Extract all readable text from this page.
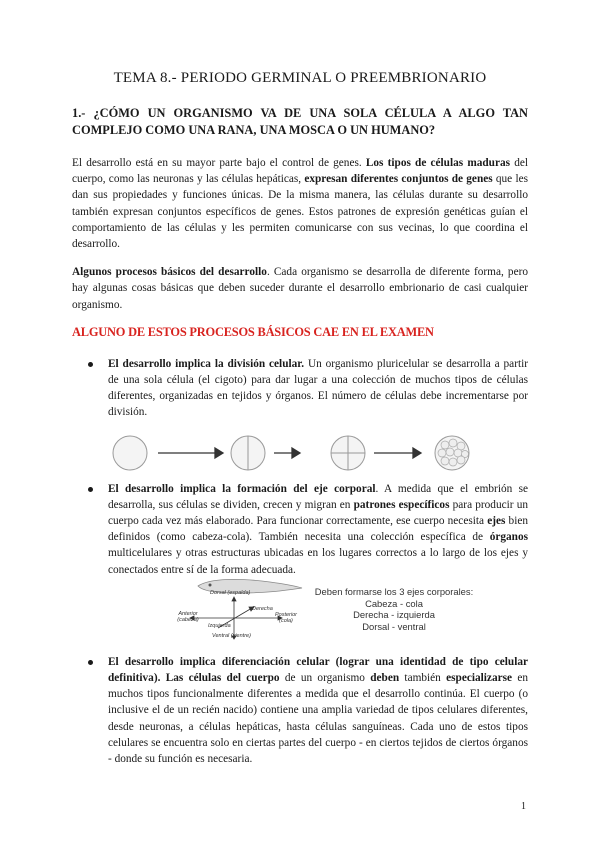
TEMA 8.- PERIODO GERMINAL O PREEMBRIONARIO
1.- ¿CÓMO UN ORGANISMO VA DE UNA SOLA CÉLULA A ALGO TAN COMPLEJO COMO UNA RANA, UNA MOSCA O UN HUMANO?
El desarrollo está en su mayor parte bajo el control de genes. Los tipos de células maduras del cuerpo, como las neuronas y las células hepáticas, expresan diferentes conjuntos de genes que les dan sus propiedades y funciones únicas. De la misma manera, las células durante su desarrollo también expresan conjuntos específicos de genes. Estos patrones de expresión genéticas guían el comportamiento de las células y les permiten comunicarse con sus vecinas, lo que coordina el desarrollo.
Algunos procesos básicos del desarrollo. Cada organismo se desarrolla de diferente forma, pero hay algunas cosas básicas que deben suceder durante el desarrollo embrionario de casi cualquier organismo.
ALGUNO DE ESTOS PROCESOS BÁSICOS CAE EN EL EXAMEN
El desarrollo implica la división celular. Un organismo pluricelular se desarrolla a partir de una sola célula (el cigoto) para dar lugar a una colección de muchos tipos de células diferentes, organizadas en tejidos y órganos. El número de células debe incrementarse por división.
El desarrollo implica la formación del eje corporal. A medida que el embrión se desarrolla, sus células se dividen, crecen y migran en patrones específicos para producir un cuerpo cada vez más elaborado. Para funcionar correctamente, ese cuerpo necesita ejes bien definidos (como cabeza-cola). También necesita una colección específica de órganos multicelulares y otras estructuras ubicadas en los lugares correctos a lo largo de los ejes y conectados entre sí de la forma adecuada.
El desarrollo implica diferenciación celular (lograr una identidad de tipo celular definitiva). Las células del cuerpo de un organismo deben también especializarse en muchos tipos funcionalmente diferentes a medida que el desarrollo continúa. El cuerpo (o inclusive el de un recién nacido) contiene una amplia variedad de tipos celulares diferentes, desde neuronas, a células hepáticas, hasta células sanguíneas. Cada uno de estos tipos celulares se encuentra solo en ciertas partes del cuerpo - en ciertos tejidos de ciertos órganos - donde su función es necesaria.
Dorsal (espalda)
Ventral (vientre)
Anterior (cabeza)
Posterior (cola)
Derecha
Izquierda
Deben formarse los 3 ejes corporales:
Cabeza - cola
Derecha - izquierda
Dorsal - ventral
1
